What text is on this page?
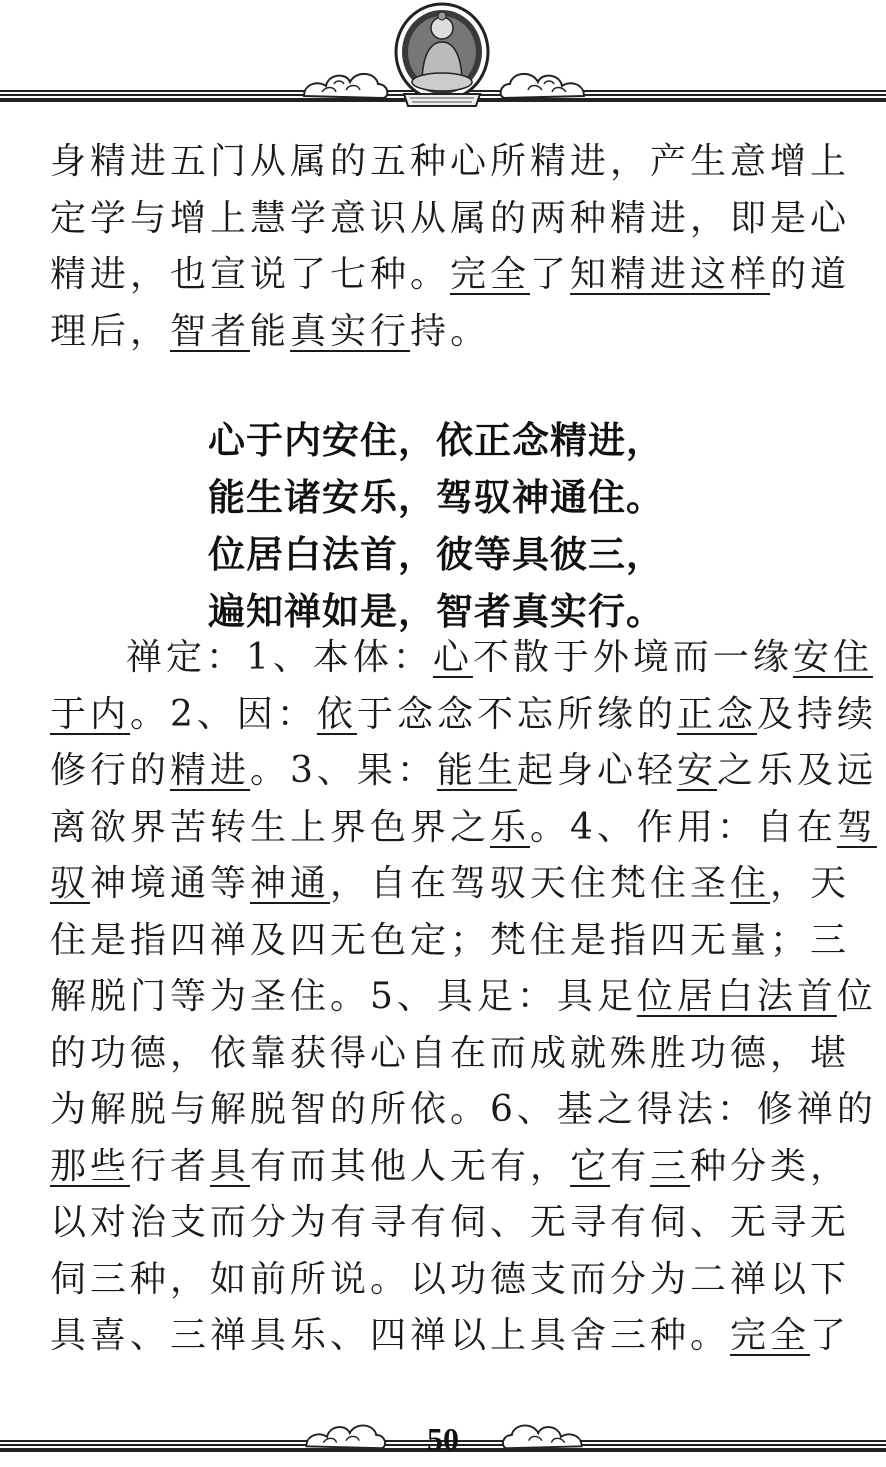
身精进五门从属的五种心所精进，产生意增上
定学与增上慧学意识从属的两种精进，即是心
精进，也宣说了七种。完全了知精进这样的道
理后，智者能真实行持。
心于内安住，依正念精进，
能生诸安乐，驾驭神通住。
位居白法首，彼等具彼三，
遍知禅如是，智者真实行。
禅定：1、本体：心不散于外境而一缘安住
于内。2、因：依于念念不忘所缘的正念及持续
修行的精进。3、果：能生起身心轻安之乐及远
离欲界苦转生上界色界之乐。4、作用：自在驾
驭神境通等神通，自在驾驭天住梵住圣住，天
住是指四禅及四无色定；梵住是指四无量；三
解脱门等为圣住。5、具足：具足位居白法首位
的功德，依靠获得心自在而成就殊胜功德，堪
为解脱与解脱智的所依。6、基之得法：修禅的
那些行者具有而其他人无有，它有三种分类，
以对治支而分为有寻有伺、无寻有伺、无寻无
伺三种，如前所说。以功德支而分为二禅以下
具喜、三禅具乐、四禅以上具舍三种。完全了
50
